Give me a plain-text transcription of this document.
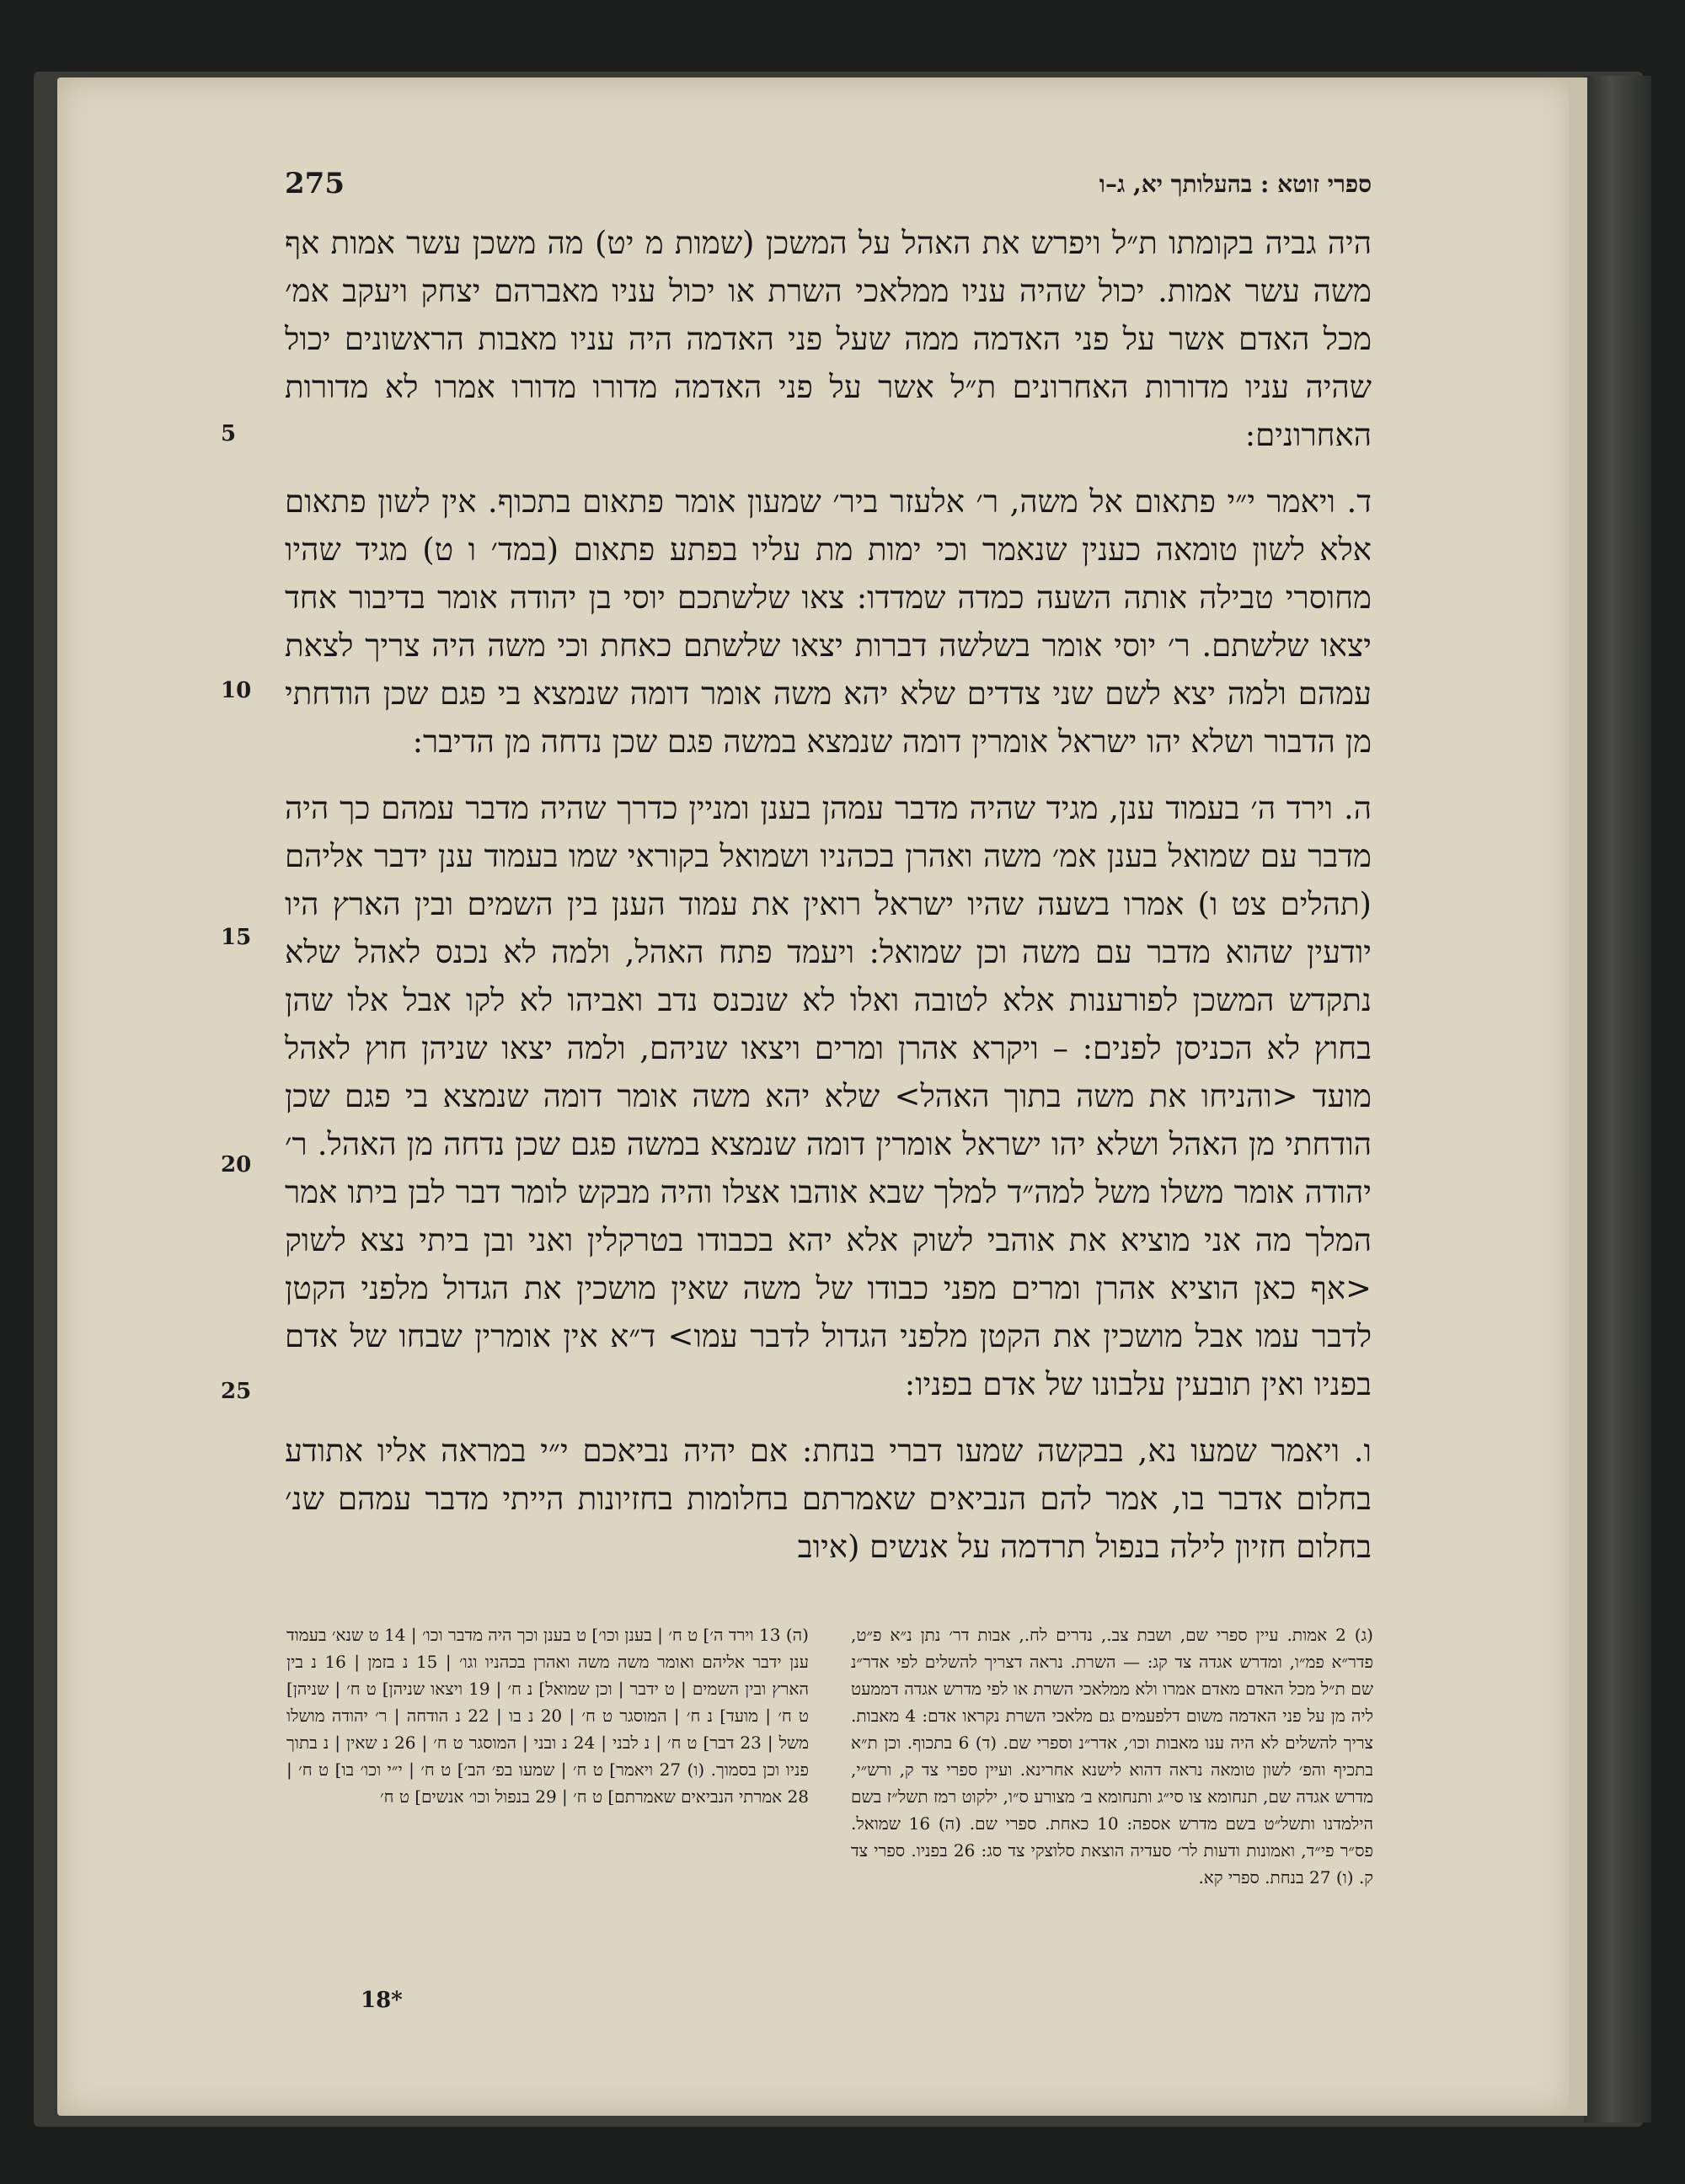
275	ספרי זוטא : בהעלותך יא, ג–ו
5
10
15
20
25

היה גביה בקומתו ת״ל ויפרש את האהל על המשכן (שמות מ יט) מה משכן עשר אמות אף משה עשר אמות. יכול שהיה עניו ממלאכי השרת או יכול עניו מאברהם יצחק ויעקב אמ׳ מכל האדם אשר על פני האדמה ממה שעל פני האדמה היה עניו מאבות הראשונים יכול שהיה עניו מדורות האחרונים ת״ל אשר על פני האדמה מדורו מדורו אמרו לא מדורות האחרונים:

ד. ויאמר י״י פתאום אל משה, ר׳ אלעזר ביר׳ שמעון אומר פתאום בתכוף. אין לשון פתאום אלא לשון טומאה כענין שנאמר וכי ימות מת עליו בפתע פתאום (במד׳ ו ט) מגיד שהיו מחוסרי טבילה אותה השעה כמדה שמדדו: צאו שלשתכם יוסי בן יהודה אומר בדיבור אחד יצאו שלשתם. ר׳ יוסי אומר בשלשה דברות יצאו שלשתם כאחת וכי משה היה צריך לצאת עמהם ולמה יצא לשם שני צדדים שלא יהא משה אומר דומה שנמצא בי פגם שכן הודחתי מן הדבור ושלא יהו ישראל אומרין דומה שנמצא במשה פגם שכן נדחה מן הדיבר:

ה. וירד ה׳ בעמוד ענן, מגיד שהיה מדבר עמהן בענן ומניין כדרך שהיה מדבר עמהם כך היה מדבר עם שמואל בענן אמ׳ משה ואהרן בכהניו ושמואל בקוראי שמו בעמוד ענן ידבר אליהם (תהלים צט ו) אמרו בשעה שהיו ישראל רואין את עמוד הענן בין השמים ובין הארץ היו יודעין שהוא מדבר עם משה וכן שמואל: ויעמד פתח האהל, ולמה לא נכנס לאהל שלא נתקדש המשכן לפורענות אלא לטובה ואלו לא שנכנס נדב ואביהו לא לקו אבל אלו שהן בחוץ לא הכניסן לפנים: – ויקרא אהרן ומרים ויצאו שניהם, ולמה יצאו שניהן חוץ לאהל מועד <והניחו את משה בתוך האהל> שלא יהא משה אומר דומה שנמצא בי פגם שכן הודחתי מן האהל ושלא יהו ישראל אומרין דומה שנמצא במשה פגם שכן נדחה מן האהל. ר׳ יהודה אומר משלו משל למה״ד למלך שבא אוהבו אצלו והיה מבקש לומר דבר לבן ביתו אמר המלך מה אני מוציא את אוהבי לשוק אלא יהא בכבודו בטרקלין ואני ובן ביתי נצא לשוק <אף כאן הוציא אהרן ומרים מפני כבודו של משה שאין מושכין את הגדול מלפני הקטן לדבר עמו אבל מושכין את הקטן מלפני הגדול לדבר עמו> ד״א אין אומרין שבחו של אדם בפניו ואין תובעין עלבונו של אדם בפניו:

ו. ויאמר שמעו נא, בבקשה שמעו דברי בנחת: אם יהיה נביאכם י״י במראה אליו אתודע בחלום אדבר בו, אמר להם הנביאים שאמרתם בחלומות בחזיונות הייתי מדבר עמהם שנ׳ בחלום חזיון לילה בנפול תרדמה על אנשים (איוב

(ג) 2 אמות. עיין ספרי שם, ושבת צב., נדרים לח., אבות דר׳ נתן נ״א פ״ט, פדר״א פמ״ו, ומדרש אגדה צד קג: — השרת. נראה דצריך להשלים לפי אדר״נ שם ת״ל מכל האדם מאדם אמרו ולא ממלאכי השרת או לפי מדרש אגדה דממעט ליה מן על פני האדמה משום דלפעמים גם מלאכי השרת נקראו אדם: 4 מאבות. צריך להשלים לא היה ענו מאבות וכו׳, אדר״נ וספרי שם. (ד) 6 בתכוף. וכן ת״א בתכיף והפ׳ לשון טומאה נראה דהוא לישנא אחרינא. ועיין ספרי צד ק, ורש״י, מדרש אגדה שם, תנחומא צו סי״ג ותנחומא ב׳ מצורע ס״ו, ילקוט רמז תשל״ז בשם הילמדנו ותשל״ט בשם מדרש אספה: 10 כאחת. ספרי שם. (ה) 16 שמואל. פס״ר פי״ד, ואמונות ודעות לר׳ סעדיה הוצאת סלוצקי צד סג: 26 בפניו. ספרי צד ק. (ו) 27 בנחת. ספרי קא.
(ה) 13 וירד ה׳] ט ח׳ | בענן וכו׳] ט בענן וכך היה מדבר וכו׳ | 14 ט שנא׳ בעמוד ענן ידבר אליהם ואומר משה משה ואהרן בכהניו וגו׳ | 15 נ בזמן | 16 נ בין הארץ ובין השמים | ט ידבר | וכן שמואל] נ ח׳ | 19 ויצאו שניהן] ט ח׳ | שניהן] ט ח׳ | מועד] נ ח׳ | המוסגר ט ח׳ | 20 נ בו | 22 נ הודחה | ר׳ יהודה מושלו משל | 23 דבר] ט ח׳ | נ לבני | 24 נ ובני | המוסגר ט ח׳ | 26 נ שאין | נ בתוך פניו וכן בסמוך. (ו) 27 ויאמר] ט ח׳ | שמעו בפ׳ הב׳] ט ח׳ | י״י וכו׳ בו] ט ח׳ | 28 אמרתי הנביאים שאמרתם] ט ח׳ | 29 בנפול וכו׳ אנשים] ט ח׳
18*
